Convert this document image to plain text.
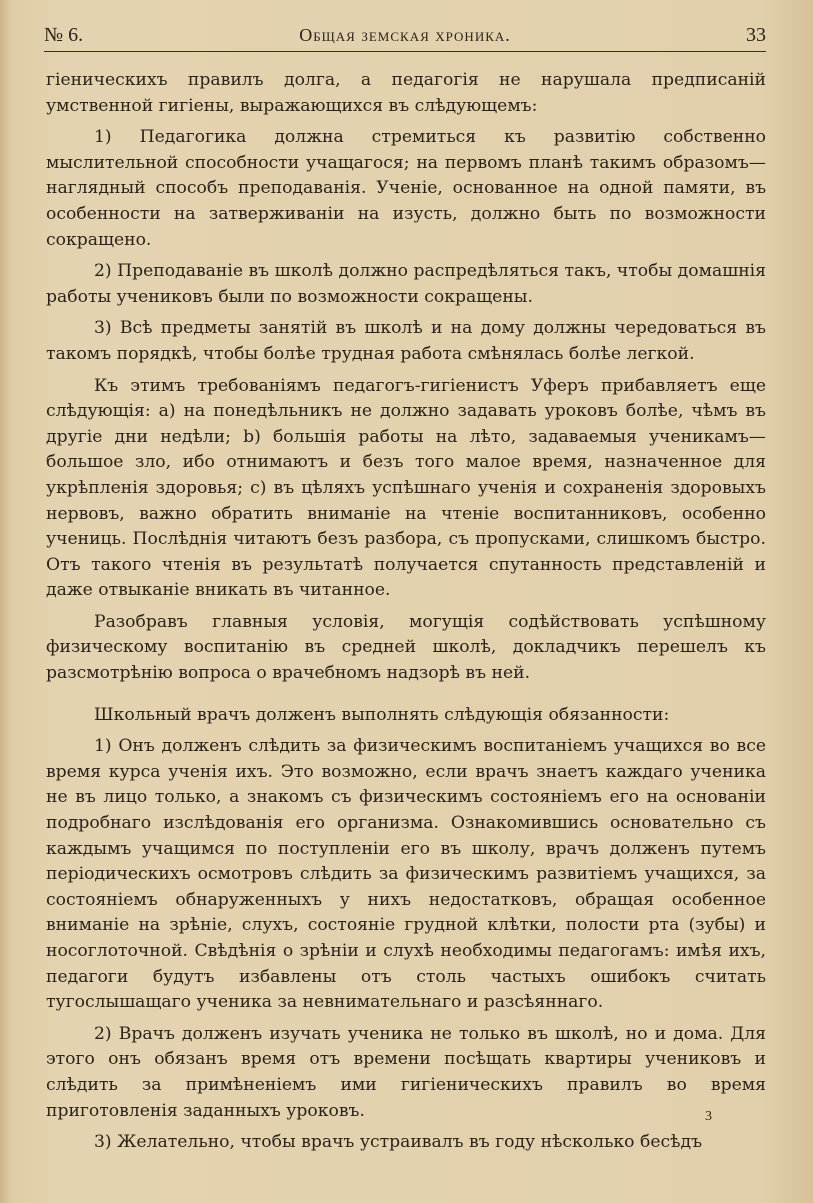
№ 6.	Общая земская хроника.	33

гіеническихъ правилъ долга, а педагогія не нарушала предписаній умственной гигіены, выражающихся въ слѣдующемъ:

1) Педагогика должна стремиться къ развитію собственно мыслительной способности учащагося; на первомъ планѣ такимъ образомъ— наглядный способъ преподаванія. Ученіе, основанное на одной памяти, въ особенности на затверживаніи на изусть, должно быть по возможности сокращено.

2) Преподаваніе въ школѣ должно распредѣляться такъ, чтобы домашнія работы учениковъ были по возможности сокращены.

3) Всѣ предметы занятій въ школѣ и на дому должны чередоваться въ такомъ порядкѣ, чтобы болѣе трудная работа смѣнялась болѣе легкой.

Къ этимъ требованіямъ педагогъ-гигіенистъ Уферъ прибавляетъ еще слѣдующія: а) на понедѣльникъ не должно задавать уроковъ болѣе, чѣмъ въ другіе дни недѣли; b) большія работы на лѣто, задаваемыя ученикамъ—большое зло, ибо отнимаютъ и безъ того малое время, назначенное для укрѣпленія здоровья; с) въ цѣляхъ успѣшнаго ученія и сохраненія здоровыхъ нервовъ, важно обратить вниманіе на чтеніе воспитанниковъ, особенно учениць. Послѣднія читаютъ безъ разбора, съ пропусками, слишкомъ быстро. Отъ такого чтенія въ результатѣ получается спутанность представленій и даже отвыканіе вникать въ читанное.

Разобравъ главныя условія, могущія содѣйствовать успѣшному физическому воспитанію въ средней школѣ, докладчикъ перешелъ къ разсмотрѣнію вопроса о врачебномъ надзорѣ въ ней.

Школьный врачъ долженъ выполнять слѣдующія обязанности:

1) Онъ долженъ слѣдить за физическимъ воспитаніемъ учащихся во все время курса ученія ихъ. Это возможно, если врачъ знаетъ каждаго ученика не въ лицо только, а знакомъ съ физическимъ состояніемъ его на основаніи подробнаго изслѣдованія его организма. Ознакомившись основательно съ каждымъ учащимся по поступленіи его въ школу, врачъ долженъ путемъ періодическихъ осмотровъ слѣдить за физическимъ развитіемъ учащихся, за состояніемъ обнаруженныхъ у нихъ недостатковъ, обращая особенное вниманіе на зрѣніе, слухъ, состояніе грудной клѣтки, полости рта (зубы) и носоглоточной. Свѣдѣнія о зрѣніи и слухѣ необходимы педагогамъ: имѣя ихъ, педагоги будутъ избавлены отъ столь частыхъ ошибокъ считать тугослышащаго ученика за невнимательнаго и разсѣяннаго.

2) Врачъ долженъ изучать ученика не только въ школѣ, но и дома. Для этого онъ обязанъ время отъ времени посѣщать квартиры учениковъ и слѣдить за примѣненіемъ ими гигіеническихъ правилъ во время приготовленія заданныхъ уроковъ.

3) Желательно, чтобы врачъ устраивалъ въ году нѣсколько бесѣдъ

3
